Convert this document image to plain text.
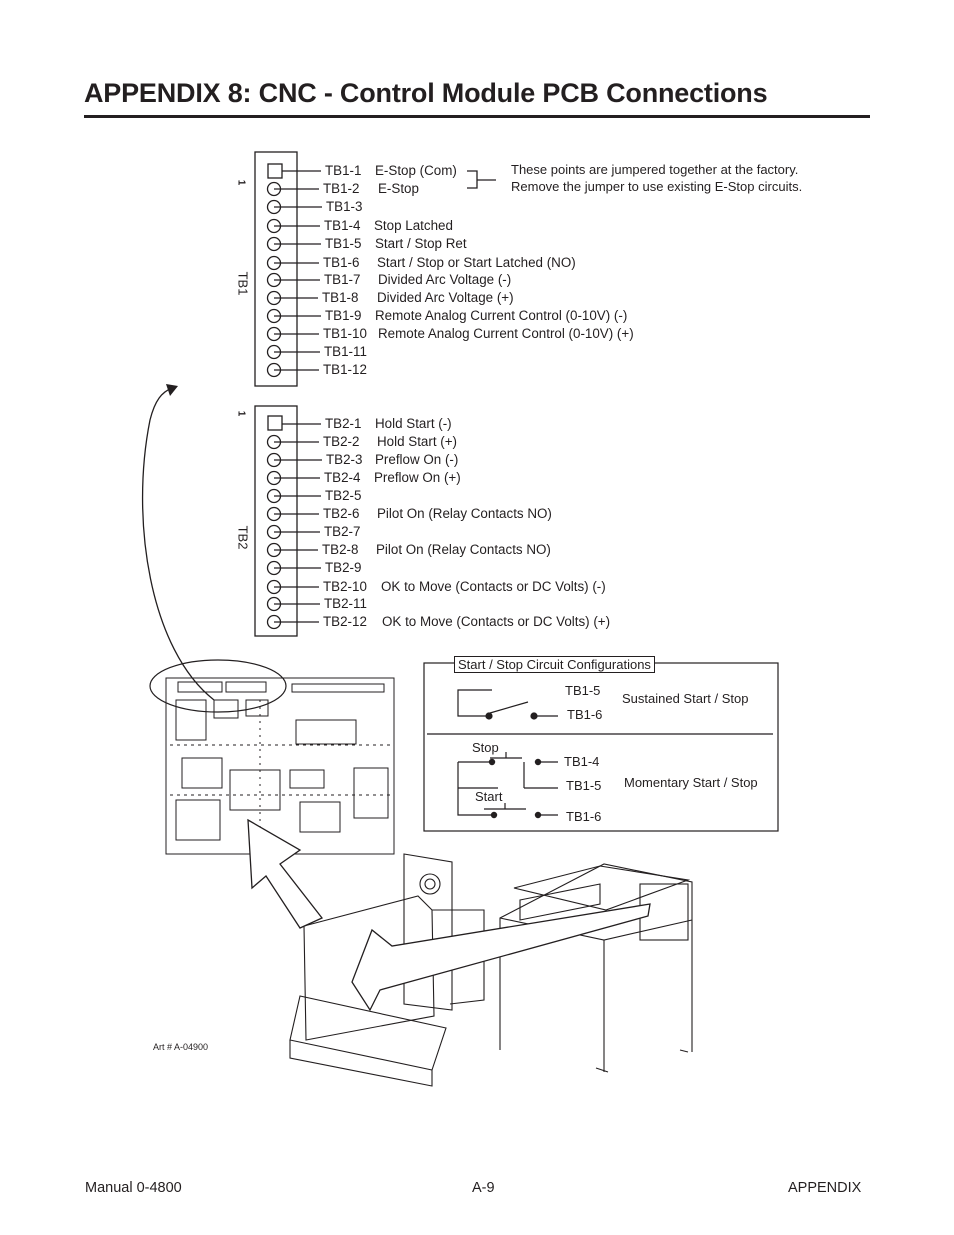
APPENDIX 8: CNC - Control Module PCB Connections
1
TB1
1
TB2
TB1-1 E-Stop (Com)
TB1-2 E-Stop
TB1-3
TB1-4 Stop Latched
TB1-5 Start / Stop Ret
TB1-6 Start / Stop or Start Latched (NO)
TB1-7 Divided Arc Voltage (-)
TB1-8 Divided Arc Voltage (+)
TB1-9 Remote Analog Current Control (0-10V) (-)
TB1-10 Remote Analog Current Control (0-10V) (+)
TB1-11
TB1-12
TB2-1 Hold Start (-)
TB2-2 Hold Start (+)
TB2-3 Preflow On (-)
TB2-4 Preflow On (+)
TB2-5
TB2-6 Pilot On (Relay Contacts NO)
TB2-7
TB2-8 Pilot On (Relay Contacts NO)
TB2-9
TB2-10 OK to Move (Contacts or DC Volts) (-)
TB2-11
TB2-12 OK to Move (Contacts or DC Volts) (+)
These points are jumpered together at the factory.
Remove the jumper to use existing E-Stop circuits.
Start / Stop Circuit Configurations
TB1-5
TB1-6
Sustained Start / Stop
Stop
Start
TB1-4
TB1-5
TB1-6
Momentary Start / Stop
Art # A-04900
Manual 0-4800	A-9	APPENDIX
